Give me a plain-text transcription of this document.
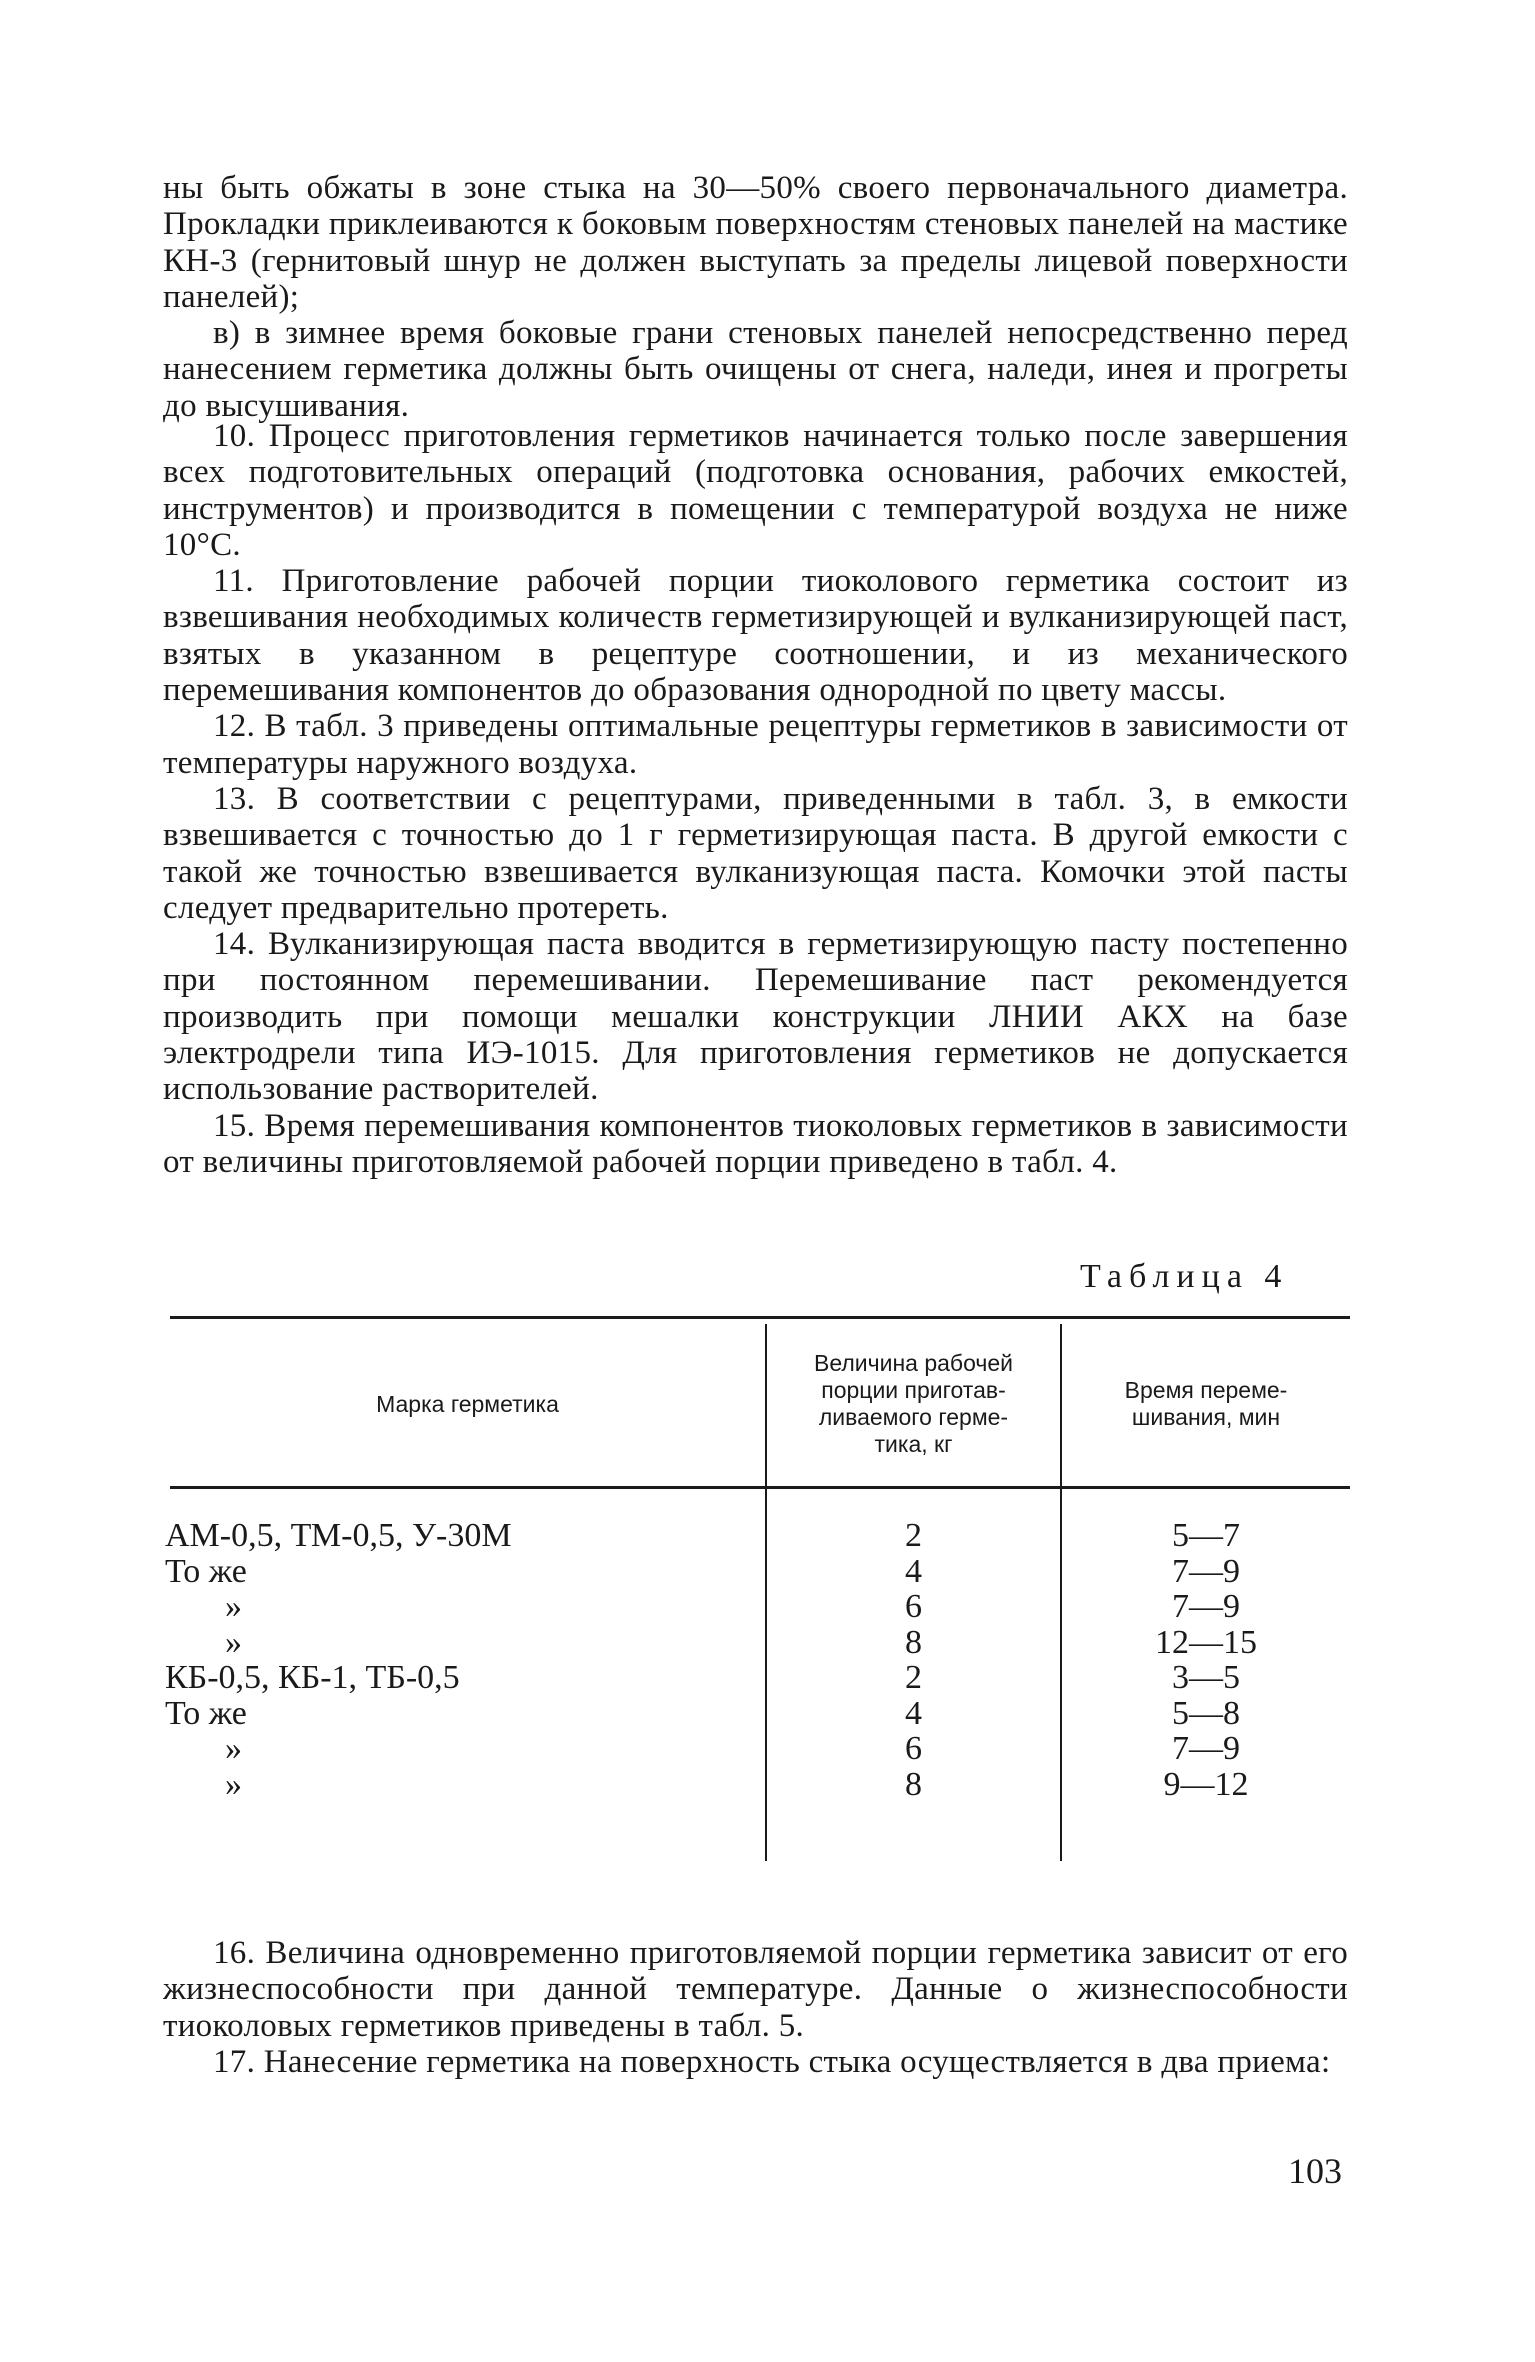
ны быть обжаты в зоне стыка на 30—50% своего первоначального диаметра. Прокладки приклеиваются к боковым поверхностям стеновых панелей на мастике КН-3 (гернитовый шнур не должен выступать за пределы лицевой поверхности панелей);

в) в зимнее время боковые грани стеновых панелей непосредственно перед нанесением герметика должны быть очищены от снега, наледи, инея и прогреты до высушивания.

10. Процесс приготовления герметиков начинается только после завершения всех подготовительных операций (подготовка основания, рабочих емкостей, инструментов) и производится в помещении с температурой воздуха не ниже 10°С.

11. Приготовление рабочей порции тиоколового герметика состоит из взвешивания необходимых количеств герметизирующей и вулканизирующей паст, взятых в указанном в рецептуре соотношении, и из механического перемешивания компонентов до образования однородной по цвету массы.

12. В табл. 3 приведены оптимальные рецептуры герметиков в зависимости от температуры наружного воздуха.

13. В соответствии с рецептурами, приведенными в табл. 3, в емкости взвешивается с точностью до 1 г герметизирующая паста. В другой емкости с такой же точностью взвешивается вулканизующая паста. Комочки этой пасты следует предварительно протереть.

14. Вулканизирующая паста вводится в герметизирующую пасту постепенно при постоянном перемешивании. Перемешивание паст рекомендуется производить при помощи мешалки конструкции ЛНИИ АКХ на базе электродрели типа ИЭ-1015. Для приготовления герметиков не допускается использование растворителей.

15. Время перемешивания компонентов тиоколовых герметиков в зависимости от величины приготовляемой рабочей порции приведено в табл. 4.

Таблица 4
Марка герметика
Величина рабочей
порции приготав-
ливаемого герме-
тика, кг
Время переме-
шивания, мин
АМ-0,5, ТМ-0,5, У-30М
То же
»
»
КБ-0,5, КБ-1, ТБ-0,5
То же
»
»
2
4
6
8
2
4
6
8
5—7
7—9
7—9
12—15
3—5
5—8
7—9
9—12

16. Величина одновременно приготовляемой порции герметика зависит от его жизнеспособности при данной температуре. Данные о жизнеспособности тиоколовых герметиков приведены в табл. 5.

17. Нанесение герметика на поверхность стыка осуществляется в два приема:

103
